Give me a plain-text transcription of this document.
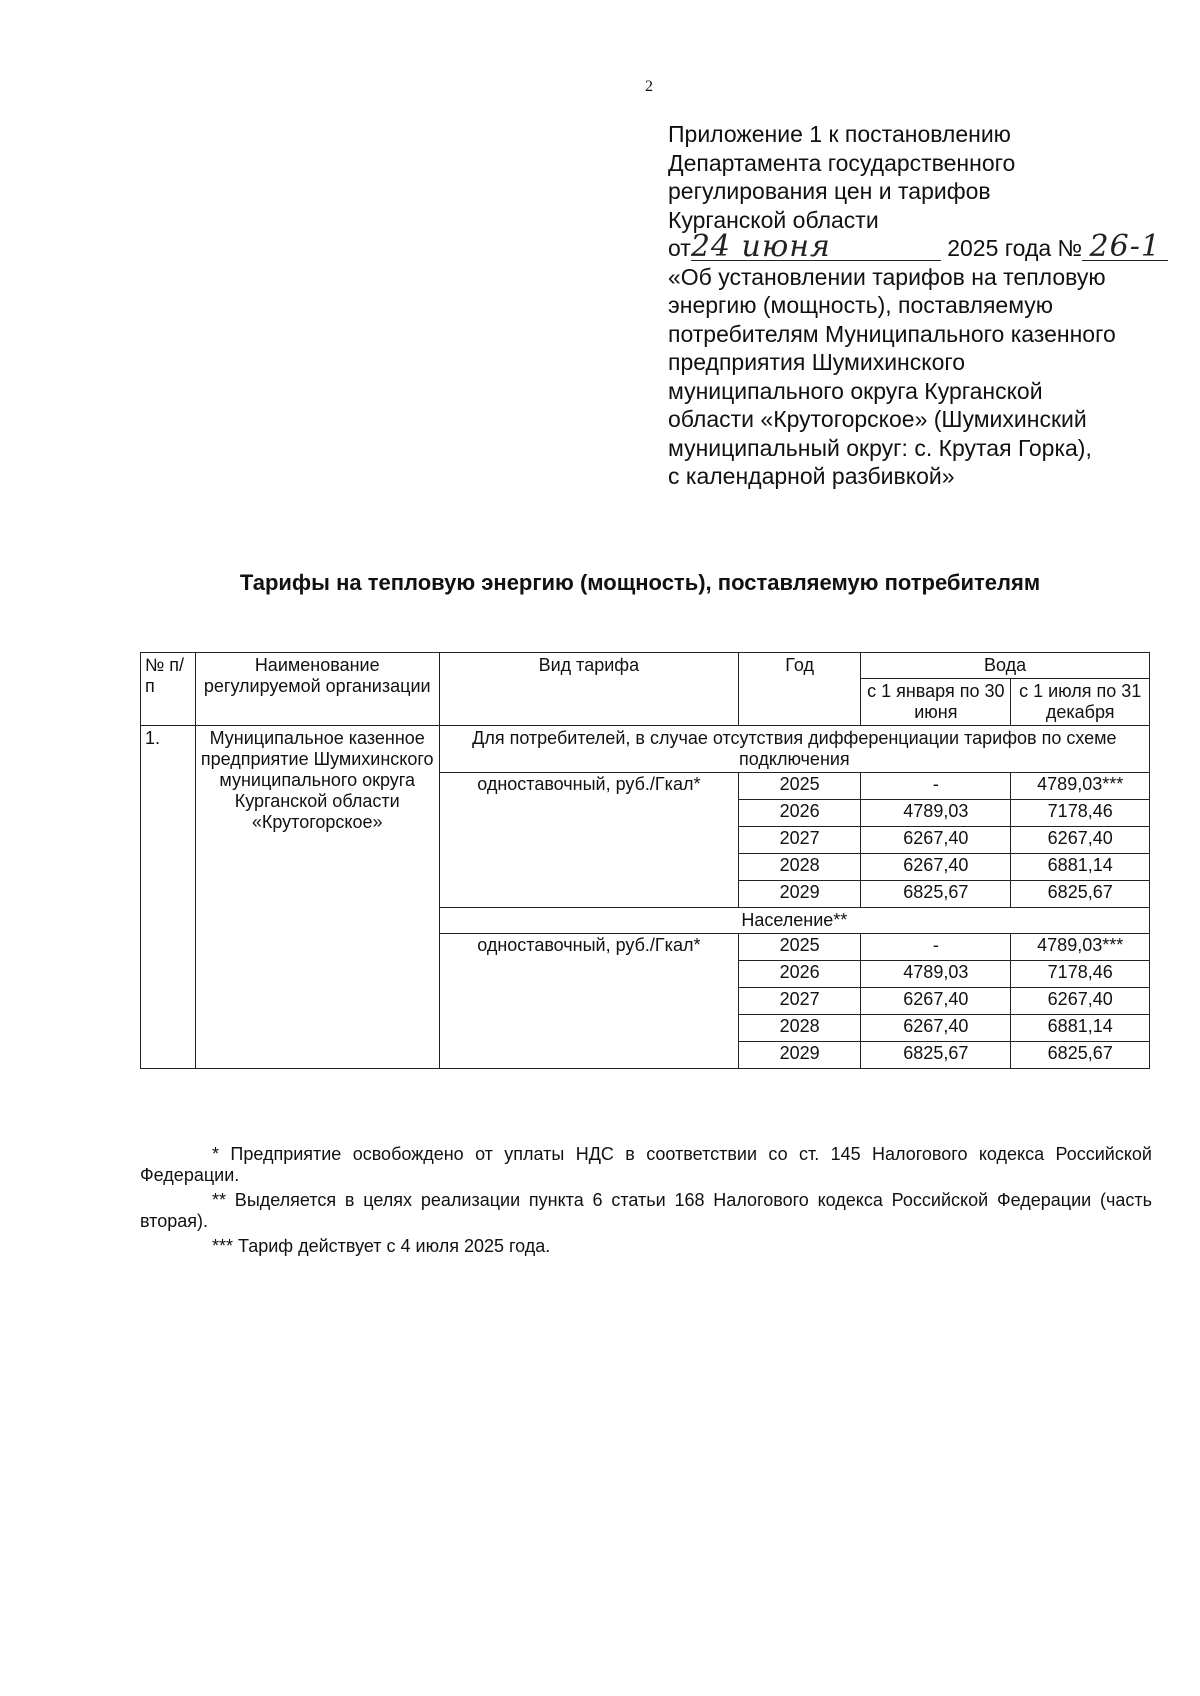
2
Приложение 1 к постановлению
Департамента государственного
регулирования цен и тарифов
Курганской области
от24 июня	2025 года № 26-1
«Об установлении тарифов на тепловую
энергию (мощность), поставляемую
потребителям Муниципального казенного
предприятия Шумихинского
муниципального округа Курганской
области «Крутогорское» (Шумихинский
муниципальный округ: с. Крутая Горка),
с календарной разбивкой»
Тарифы на тепловую энергию (мощность), поставляемую потребителям
№ п/п	Наименование регулируемой организации	Вид тарифа	Год	Вода	
				с 1 января по 30 июня	с 1 июля по 31 декабря
1.	Муниципальное казенное предприятие Шумихинского муниципального округа Курганской области «Крутогорское»	Для потребителей, в случае отсутствия дифференциации тарифов по схеме подключения			
		одноставочный, руб./Гкал*	2025	-	4789,03***
			2026	4789,03	7178,46
			2027	6267,40	6267,40
			2028	6267,40	6881,14
			2029	6825,67	6825,67
		Население**			
		одноставочный, руб./Гкал*	2025	-	4789,03***
			2026	4789,03	7178,46
			2027	6267,40	6267,40
			2028	6267,40	6881,14
			2029	6825,67	6825,67

* Предприятие освобождено от уплаты НДС в соответствии со ст. 145 Налогового кодекса Российской Федерации.

** Выделяется в целях реализации пункта 6 статьи 168 Налогового кодекса Российской Федерации (часть вторая).

*** Тариф действует с 4 июля 2025 года.
